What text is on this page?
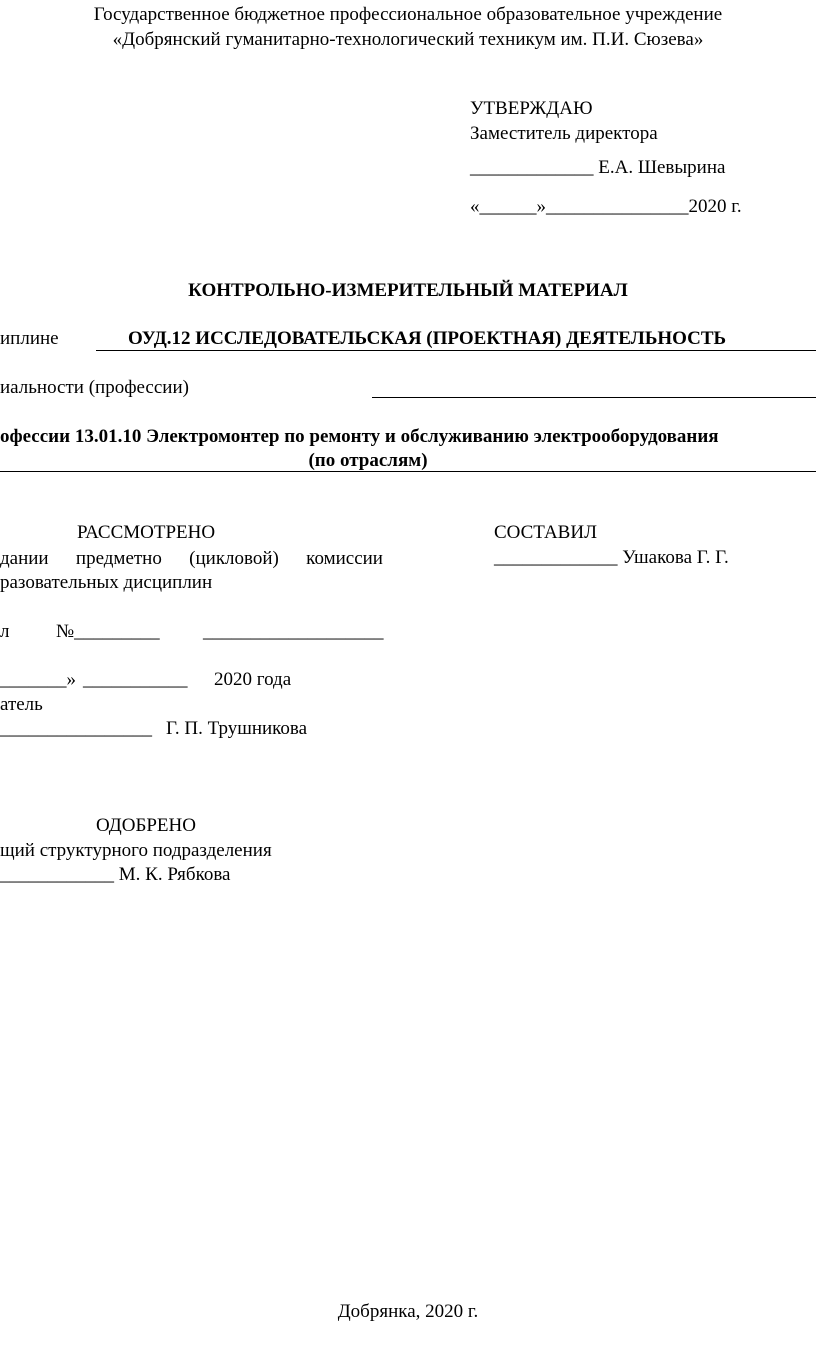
Государственное бюджетное профессиональное образовательное учреждение
«Добрянский гуманитарно-технологический техникум им. П.И. Сюзева»
УТВЕРЖДАЮ
Заместитель директора
_____________ Е.А. Шевырина
«______»_______________2020 г.
КОНТРОЛЬНО-ИЗМЕРИТЕЛЬНЫЙ МАТЕРИАЛ
иплине	ОУД.12 ИССЛЕДОВАТЕЛЬСКАЯ (ПРОЕКТНАЯ) ДЕЯТЕЛЬНОСТЬ
иальности (профессии)
офессии 13.01.10 Электромонтер по ремонту и обслуживанию электрооборудования
(по отраслям)
РАССМОТРЕНО
дании предметно (цикловой) комиссии
разовательных дисциплин
л №_________ ___________________
_______» ___________ 2020 года
атель
________________ Г. П. Трушникова
СОСТАВИЛ
_____________ Ушакова Г. Г.
ОДОБРЕНО
щий структурного подразделения
____________ М. К. Рябкова
Добрянка, 2020 г.
